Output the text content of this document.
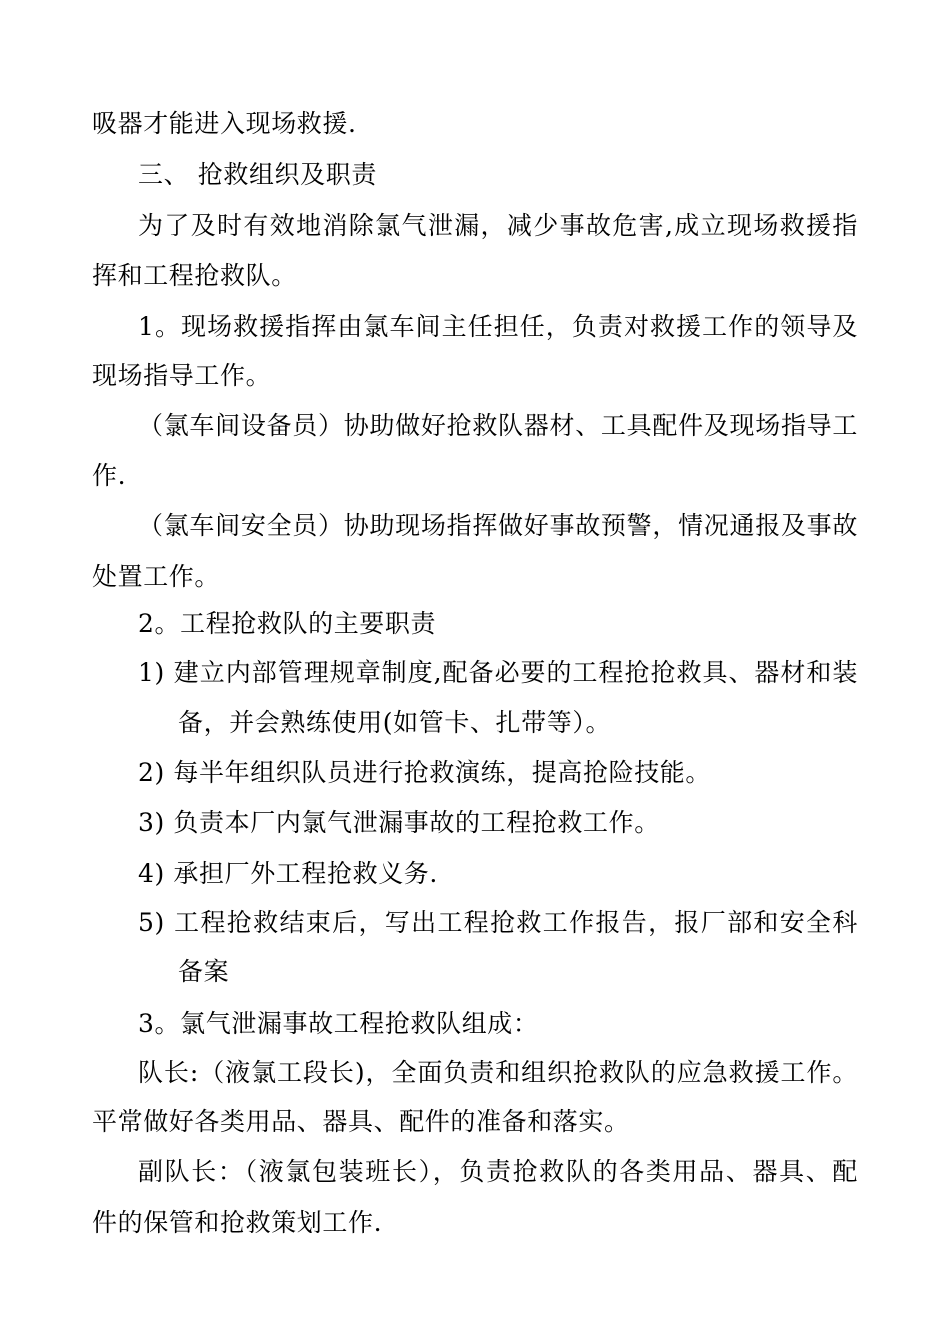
吸器才能进入现场救援.
三、 抢救组织及职责
为了及时有效地消除氯气泄漏，减少事故危害,成立现场救援指
挥和工程抢救队。
1。现场救援指挥由氯车间主任担任，负责对救援工作的领导及
现场指导工作。
（氯车间设备员）协助做好抢救队器材、工具配件及现场指导工
作.
（氯车间安全员）协助现场指挥做好事故预警，情况通报及事故
处置工作。
2。工程抢救队的主要职责
1) 建立内部管理规章制度,配备必要的工程抢抢救具、器材和装
备，并会熟练使用(如管卡、扎带等）。
2) 每半年组织队员进行抢救演练，提高抢险技能。
3) 负责本厂内氯气泄漏事故的工程抢救工作。
4) 承担厂外工程抢救义务.
5) 工程抢救结束后，写出工程抢救工作报告，报厂部和安全科
备案
3。氯气泄漏事故工程抢救队组成：
队长:（液氯工段长)，全面负责和组织抢救队的应急救援工作。
平常做好各类用品、器具、配件的准备和落实。
副队长：（液氯包装班长），负责抢救队的各类用品、器具、配
件的保管和抢救策划工作.
